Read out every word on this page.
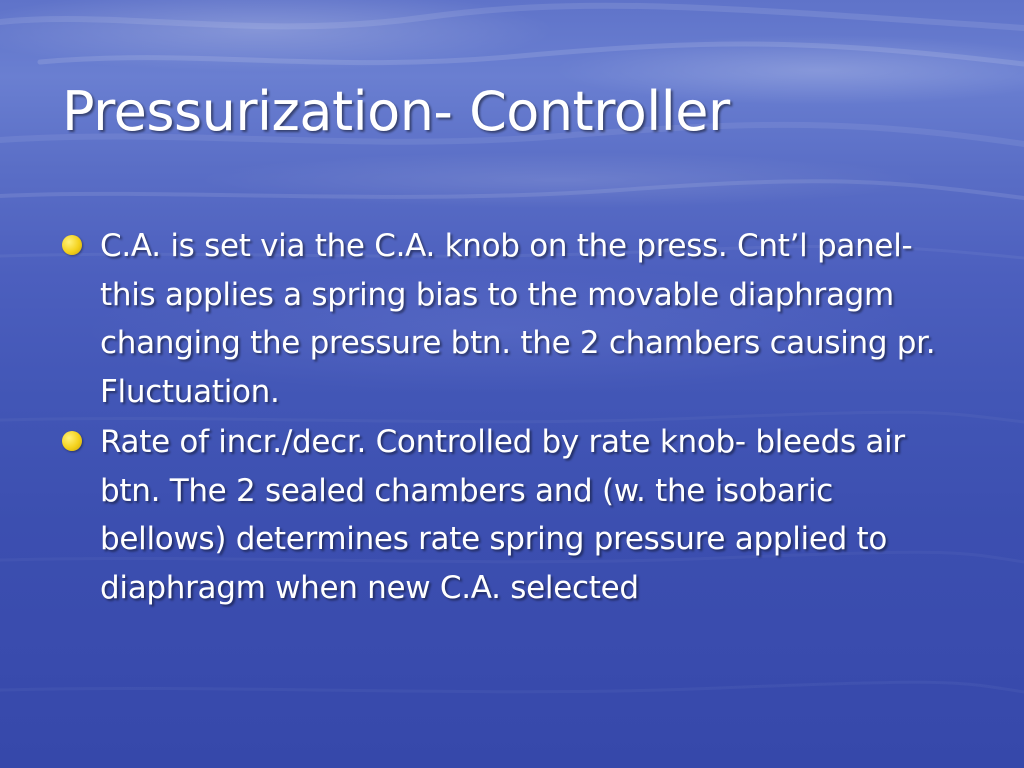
Pressurization- Controller
C.A. is set via the C.A. knob on the press. Cnt’l panel- this applies a spring bias to the movable diaphragm changing the pressure btn. the 2 chambers causing pr. Fluctuation.
Rate of incr./decr. Controlled by rate knob- bleeds air btn. The 2 sealed chambers and (w. the isobaric bellows) determines rate spring pressure applied to diaphragm when new C.A. selected
